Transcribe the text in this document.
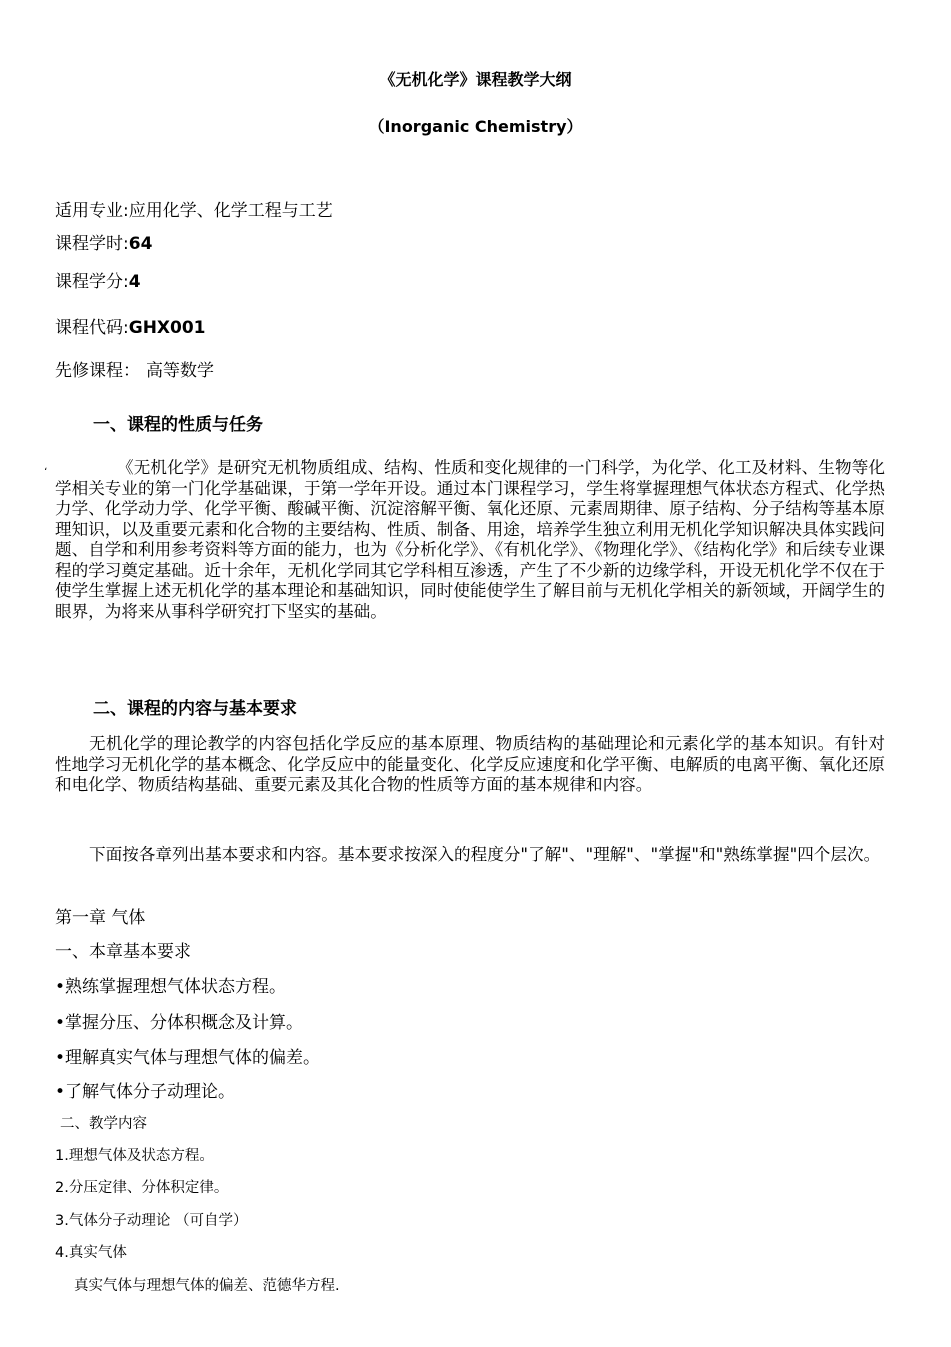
《无机化学》课程教学大纲
（Inorganic Chemistry）
适用专业:应用化学、化学工程与工艺
课程学时:64
课程学分:4
课程代码:GHX001
先修课程： 高等数学
一、课程的性质与任务
،	《无机化学》是研究无机物质组成、结构、性质和变化规律的一门科学，为化学、化工及材料、生物等化学相关专业的第一门化学基础课，于第一学年开设。通过本门课程学习，学生将掌握理想气体状态方程式、化学热力学、化学动力学、化学平衡、酸碱平衡、沉淀溶解平衡、氧化还原、元素周期律、原子结构、分子结构等基本原理知识，以及重要元素和化合物的主要结构、性质、制备、用途，培养学生独立利用无机化学知识解决具体实践问题、自学和利用参考资料等方面的能力，也为《分析化学》、《有机化学》、《物理化学》、《结构化学》和后续专业课程的学习奠定基础。近十余年，无机化学同其它学科相互渗透，产生了不少新的边缘学科，开设无机化学不仅在于使学生掌握上述无机化学的基本理论和基础知识，同时使能使学生了解目前与无机化学相关的新领域，开阔学生的眼界，为将来从事科学研究打下坚实的基础。
二、课程的内容与基本要求
无机化学的理论教学的内容包括化学反应的基本原理、物质结构的基础理论和元素化学的基本知识。有针对性地学习无机化学的基本概念、化学反应中的能量变化、化学反应速度和化学平衡、电解质的电离平衡、氧化还原和电化学、物质结构基础、重要元素及其化合物的性质等方面的基本规律和内容。
下面按各章列出基本要求和内容。基本要求按深入的程度分"了解"、"理解"、"掌握"和"熟练掌握"四个层次。
第一章 气体
一、本章基本要求
•熟练掌握理想气体状态方程。
•掌握分压、分体积概念及计算。
•理解真实气体与理想气体的偏差。
•了解气体分子动理论。
二、教学内容
1.理想气体及状态方程。
2.分压定律、分体积定律。
3.气体分子动理论 （可自学）
4.真实气体
真实气体与理想气体的偏差、范德华方程.
